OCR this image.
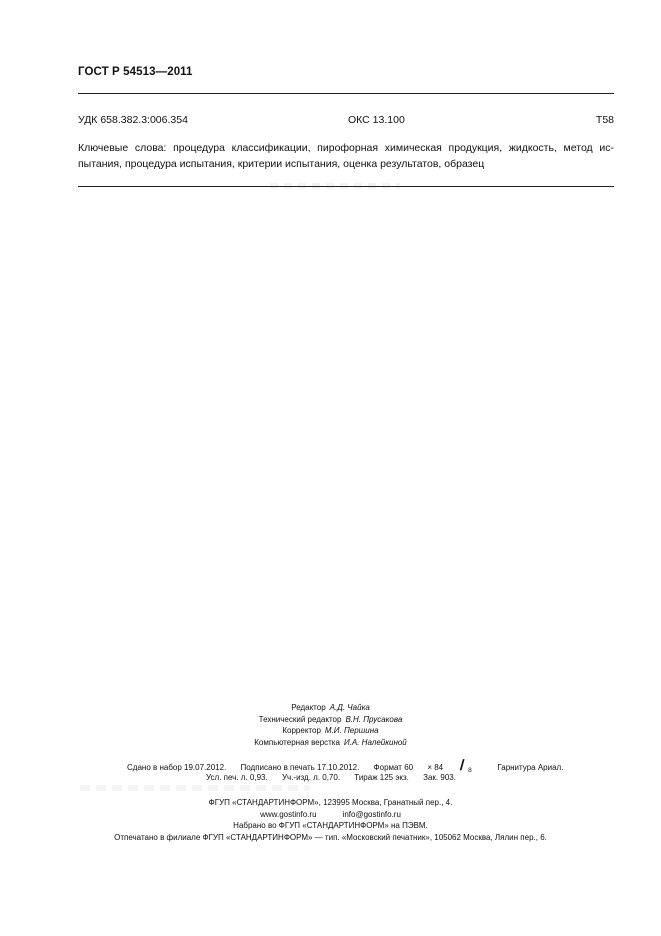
ГОСТ Р 54513—2011
УДК 658.382.3:006.354	ОКС 13.100	Т58
Ключевые слова: процедура классификации, пирофорная химическая продукция, жидкость, метод ис-
пытания, процедура испытания, критерии испытания, оценка результатов, образец
Редактор А.Д. Чайка
Технический редактор В.Н. Прусакова
Корректор М.И. Першина
Компьютерная верстка И.А. Налейкиной
Сдано в набор 19.07.2012. Подписано в печать 17.10.2012. Формат 60 × 84 / 8	Гарнитура Ариал.
Усл. печ. л. 0,93. Уч.-изд. л. 0,70. Тираж 125 экз. Зак. 903.
ФГУП «СТАНДАРТИНФОРМ», 123995 Москва, Гранатный пер., 4.
www.gostinfo.ru	info@gostinfo.ru
Набрано во ФГУП «СТАНДАРТИНФОРМ» на ПЭВМ.
Отпечатано в филиале ФГУП «СТАНДАРТИНФОРМ» — тип. «Московский печатник», 105062 Москва, Лялин пер., 6.
